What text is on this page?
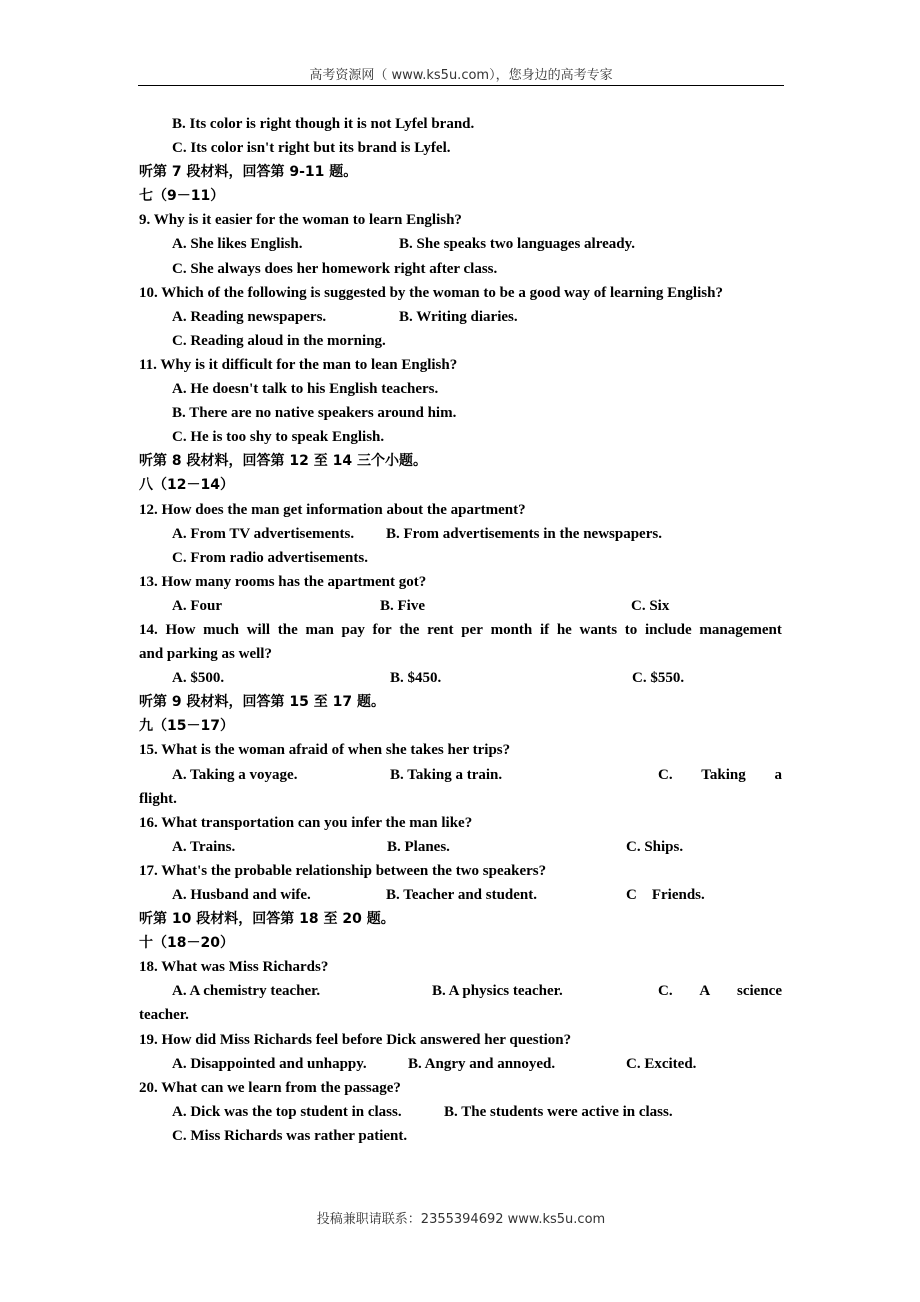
高考资源网（ www.ks5u.com），您身边的高考专家
B. Its color is right though it is not Lyfel brand.
C. Its color isn't right but its brand is Lyfel.
听第 7 段材料，回答第 9-11 题。
七（9－11）
9. Why is it easier for the woman to learn English?
A. She likes English.	B. She speaks two languages already.
C. She always does her homework right after class.
10. Which of the following is suggested by the woman to be a good way of learning English?
A. Reading newspapers.	B. Writing diaries.
C. Reading aloud in the morning.
11. Why is it difficult for the man to lean English?
A. He doesn't talk to his English teachers.
B. There are no native speakers around him.
C. He is too shy to speak English.
听第 8 段材料，回答第 12 至 14 三个小题。
八（12－14）
12. How does the man get information about the apartment?
A. From TV advertisements. B. From advertisements in the newspapers.
C. From radio advertisements.
13. How many rooms has the apartment got?
A. Four	B. Five	C. Six
14. How much will the man pay for the rent per month if he wants to include management
and parking as well?
A. $500.	B. $450.	C. $550.
听第 9 段材料，回答第 15 至 17 题。
九（15－17）
15. What is the woman afraid of when she takes her trips?
A. Taking a voyage.	B. Taking a train.	C. Taking a
flight.
16. What transportation can you infer the man like?
A. Trains.	B. Planes.	C. Ships.
17. What's the probable relationship between the two speakers?
A. Husband and wife.	B. Teacher and student.	C    Friends.
听第 10 段材料，回答第 18 至 20 题。
十（18－20）
18. What was Miss Richards?
A. A chemistry teacher.	B. A physics teacher.	C. A science
teacher.
19. How did Miss Richards feel before Dick answered her question?
A. Disappointed and unhappy.	B. Angry and annoyed.	C. Excited.
20. What can we learn from the passage?
A. Dick was the top student in class.	B. The students were active in class.
C. Miss Richards was rather patient.
投稿兼职请联系：2355394692 www.ks5u.com
